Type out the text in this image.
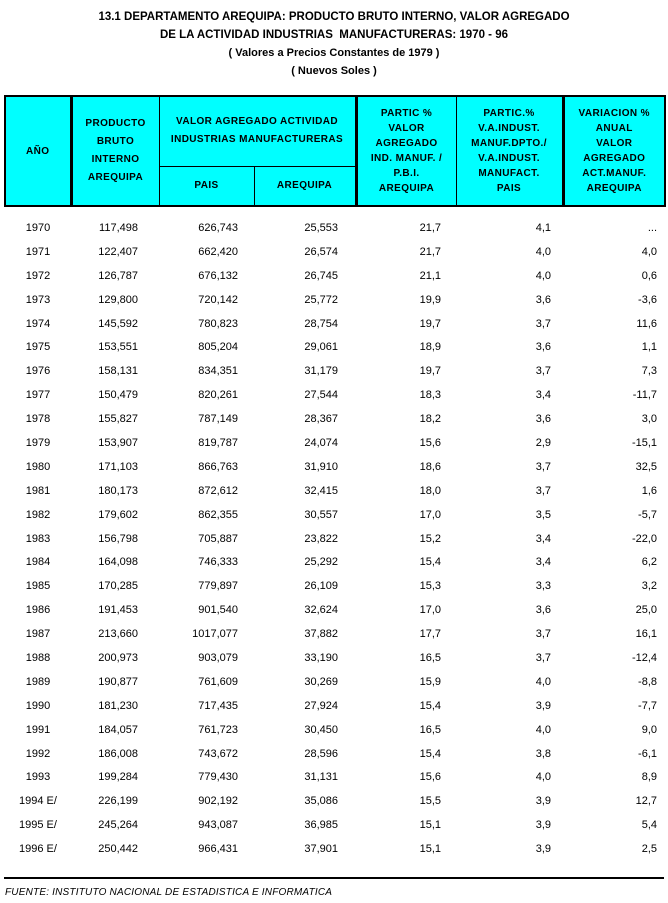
13.1 DEPARTAMENTO AREQUIPA: PRODUCTO BRUTO INTERNO, VALOR AGREGADO
DE LA ACTIVIDAD INDUSTRIAS  MANUFACTURERAS: 1970 - 96
( Valores a Precios Constantes de 1979 )
( Nuevos Soles )
AÑO	
PRODUCTO
BRUTO
INTERNO
AREQUIPA

VALOR AGREGADO ACTIVIDAD
INDUSTRIAS MANUFACTURERAS

PARTIC %
VALOR
AGREGADO
IND. MANUF. /
P.B.I.
AREQUIPA

PARTIC.%
V.A.INDUST.
MANUF.DPTO./
V.A.INDUST.
MANUFACT.
PAIS

VARIACION %
ANUAL
VALOR
AGREGADO
ACT.MANUF.
AREQUIPA

		PAIS	AREQUIPA			

1970	117,498	626,743	25,553	21,7	4,1	...
1971	122,407	662,420	26,574	21,7	4,0	4,0
1972	126,787	676,132	26,745	21,1	4,0	0,6
1973	129,800	720,142	25,772	19,9	3,6	-3,6
1974	145,592	780,823	28,754	19,7	3,7	11,6
1975	153,551	805,204	29,061	18,9	3,6	1,1
1976	158,131	834,351	31,179	19,7	3,7	7,3
1977	150,479	820,261	27,544	18,3	3,4	-11,7
1978	155,827	787,149	28,367	18,2	3,6	3,0
1979	153,907	819,787	24,074	15,6	2,9	-15,1
1980	171,103	866,763	31,910	18,6	3,7	32,5
1981	180,173	872,612	32,415	18,0	3,7	1,6
1982	179,602	862,355	30,557	17,0	3,5	-5,7
1983	156,798	705,887	23,822	15,2	3,4	-22,0
1984	164,098	746,333	25,292	15,4	3,4	6,2
1985	170,285	779,897	26,109	15,3	3,3	3,2
1986	191,453	901,540	32,624	17,0	3,6	25,0
1987	213,660	1017,077	37,882	17,7	3,7	16,1
1988	200,973	903,079	33,190	16,5	3,7	-12,4
1989	190,877	761,609	30,269	15,9	4,0	-8,8
1990	181,230	717,435	27,924	15,4	3,9	-7,7
1991	184,057	761,723	30,450	16,5	4,0	9,0
1992	186,008	743,672	28,596	15,4	3,8	-6,1
1993	199,284	779,430	31,131	15,6	4,0	8,9
1994 E/	226,199	902,192	35,086	15,5	3,9	12,7
1995 E/	245,264	943,087	36,985	15,1	3,9	5,4
1996 E/	250,442	966,431	37,901	15,1	3,9	2,5
FUENTE: INSTITUTO NACIONAL DE ESTADISTICA E INFORMATICA
